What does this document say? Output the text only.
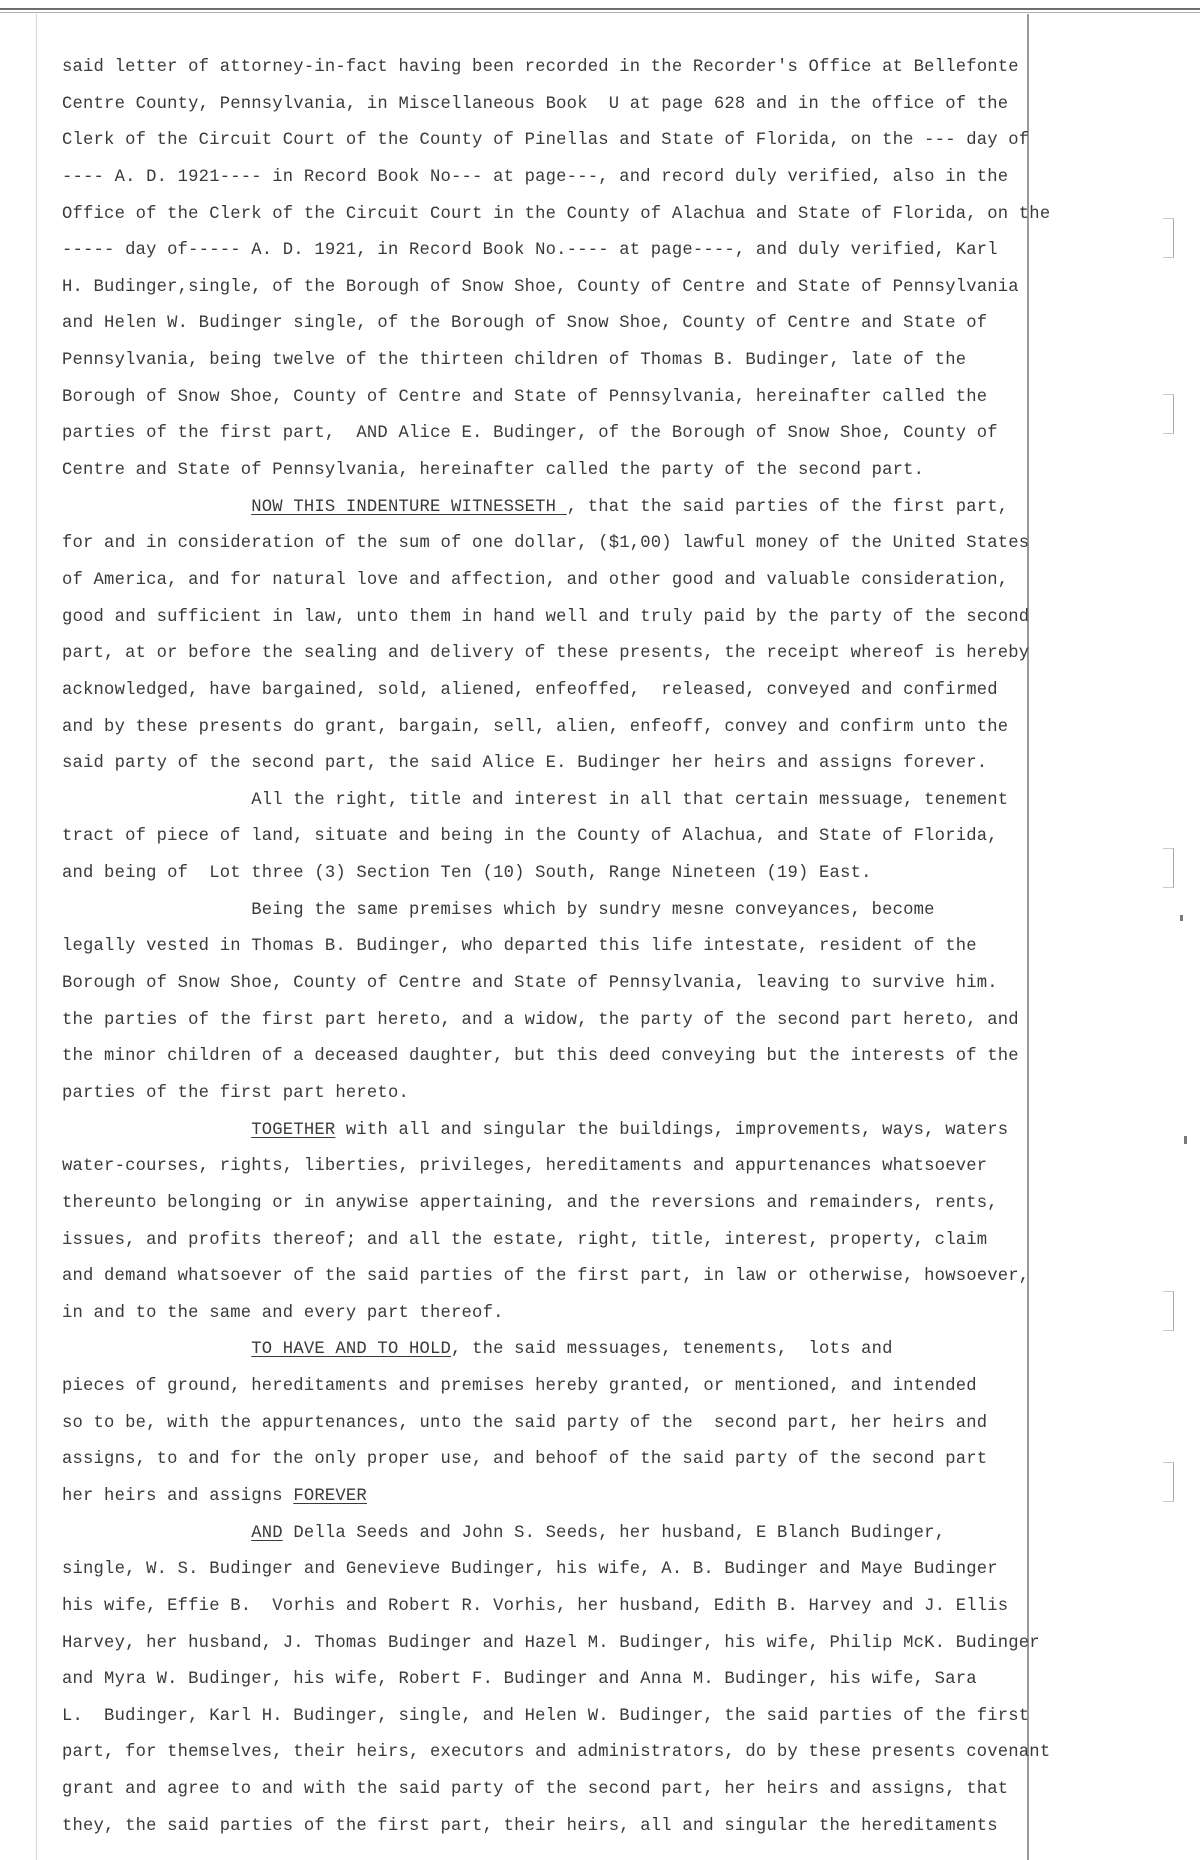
said letter of attorney-in-fact having been recorded in the Recorder's Office at Bellefonte
Centre County, Pennsylvania, in Miscellaneous Book  U at page 628 and in the office of the
Clerk of the Circuit Court of the County of Pinellas and State of Florida, on the --- day of
---- A. D. 1921---- in Record Book No--- at page---, and record duly verified, also in the
Office of the Clerk of the Circuit Court in the County of Alachua and State of Florida, on the
----- day of----- A. D. 1921, in Record Book No.---- at page----, and duly verified, Karl
H. Budinger,single, of the Borough of Snow Shoe, County of Centre and State of Pennsylvania
and Helen W. Budinger single, of the Borough of Snow Shoe, County of Centre and State of
Pennsylvania, being twelve of the thirteen children of Thomas B. Budinger, late of the
Borough of Snow Shoe, County of Centre and State of Pennsylvania, hereinafter called the
parties of the first part,  AND Alice E. Budinger, of the Borough of Snow Shoe, County of
Centre and State of Pennsylvania, hereinafter called the party of the second part.
NOW THIS INDENTURE WITNESSETH , that the said parties of the first part,
for and in consideration of the sum of one dollar, ($1,00) lawful money of the United States
of America, and for natural love and affection, and other good and valuable consideration,
good and sufficient in law, unto them in hand well and truly paid by the party of the second
part, at or before the sealing and delivery of these presents, the receipt whereof is hereby
acknowledged, have bargained, sold, aliened, enfeoffed,  released, conveyed and confirmed
and by these presents do grant, bargain, sell, alien, enfeoff, convey and confirm unto the
said party of the second part, the said Alice E. Budinger her heirs and assigns forever.
All the right, title and interest in all that certain messuage, tenement
tract of piece of land, situate and being in the County of Alachua, and State of Florida,
and being of  Lot three (3) Section Ten (10) South, Range Nineteen (19) East.
Being the same premises which by sundry mesne conveyances, become
legally vested in Thomas B. Budinger, who departed this life intestate, resident of the
Borough of Snow Shoe, County of Centre and State of Pennsylvania, leaving to survive him.
the parties of the first part hereto, and a widow, the party of the second part hereto, and
the minor children of a deceased daughter, but this deed conveying but the interests of the
parties of the first part hereto.
TOGETHER with all and singular the buildings, improvements, ways, waters
water-courses, rights, liberties, privileges, hereditaments and appurtenances whatsoever
thereunto belonging or in anywise appertaining, and the reversions and remainders, rents,
issues, and profits thereof; and all the estate, right, title, interest, property, claim
and demand whatsoever of the said parties of the first part, in law or otherwise, howsoever,
in and to the same and every part thereof.
TO HAVE AND TO HOLD, the said messuages, tenements,  lots and
pieces of ground, hereditaments and premises hereby granted, or mentioned, and intended
so to be, with the appurtenances, unto the said party of the  second part, her heirs and
assigns, to and for the only proper use, and behoof of the said party of the second part
her heirs and assigns FOREVER
AND Della Seeds and John S. Seeds, her husband, E Blanch Budinger,
single, W. S. Budinger and Genevieve Budinger, his wife, A. B. Budinger and Maye Budinger
his wife, Effie B.  Vorhis and Robert R. Vorhis, her husband, Edith B. Harvey and J. Ellis
Harvey, her husband, J. Thomas Budinger and Hazel M. Budinger, his wife, Philip McK. Budinger
and Myra W. Budinger, his wife, Robert F. Budinger and Anna M. Budinger, his wife, Sara
L.  Budinger, Karl H. Budinger, single, and Helen W. Budinger, the said parties of the first
part, for themselves, their heirs, executors and administrators, do by these presents covenant
grant and agree to and with the said party of the second part, her heirs and assigns, that
they, the said parties of the first part, their heirs, all and singular the hereditaments
